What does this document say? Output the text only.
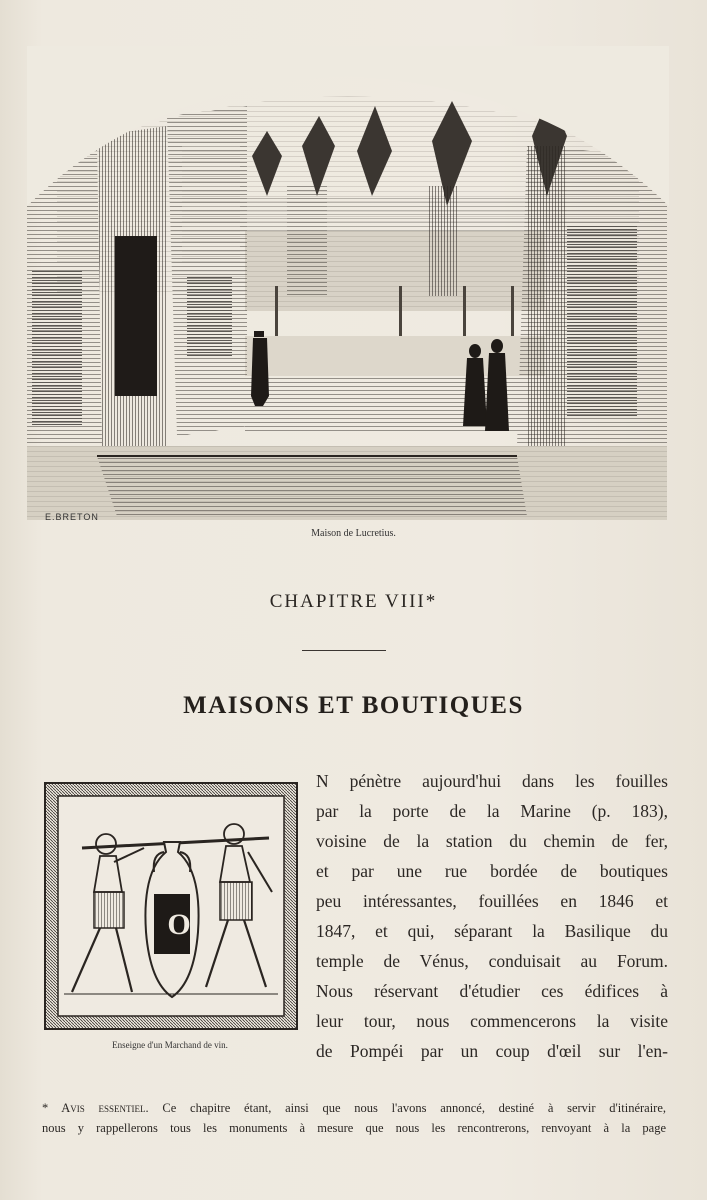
E.BRETON
Maison de Lucretius.
CHAPITRE VIII*
MAISONS ET BOUTIQUES
O
Enseigne d'un Marchand de vin.
N pénètre aujourd'hui dans les fouilles
par la porte de la Marine (p. 183),
voisine de la station du chemin de fer,
et par une rue bordée de boutiques
peu intéressantes, fouillées en 1846 et
1847, et qui, séparant la Basilique du
temple de Vénus, conduisait au Forum.
Nous réservant d'étudier ces édifices à
leur tour, nous commencerons la visite
de Pompéi par un coup d'œil sur l'en-
* Avis essentiel. Ce chapitre étant, ainsi que nous l'avons annoncé, destiné à servir d'itinéraire,
nous y rappellerons tous les monuments à mesure que nous les rencontrerons, renvoyant à la page
